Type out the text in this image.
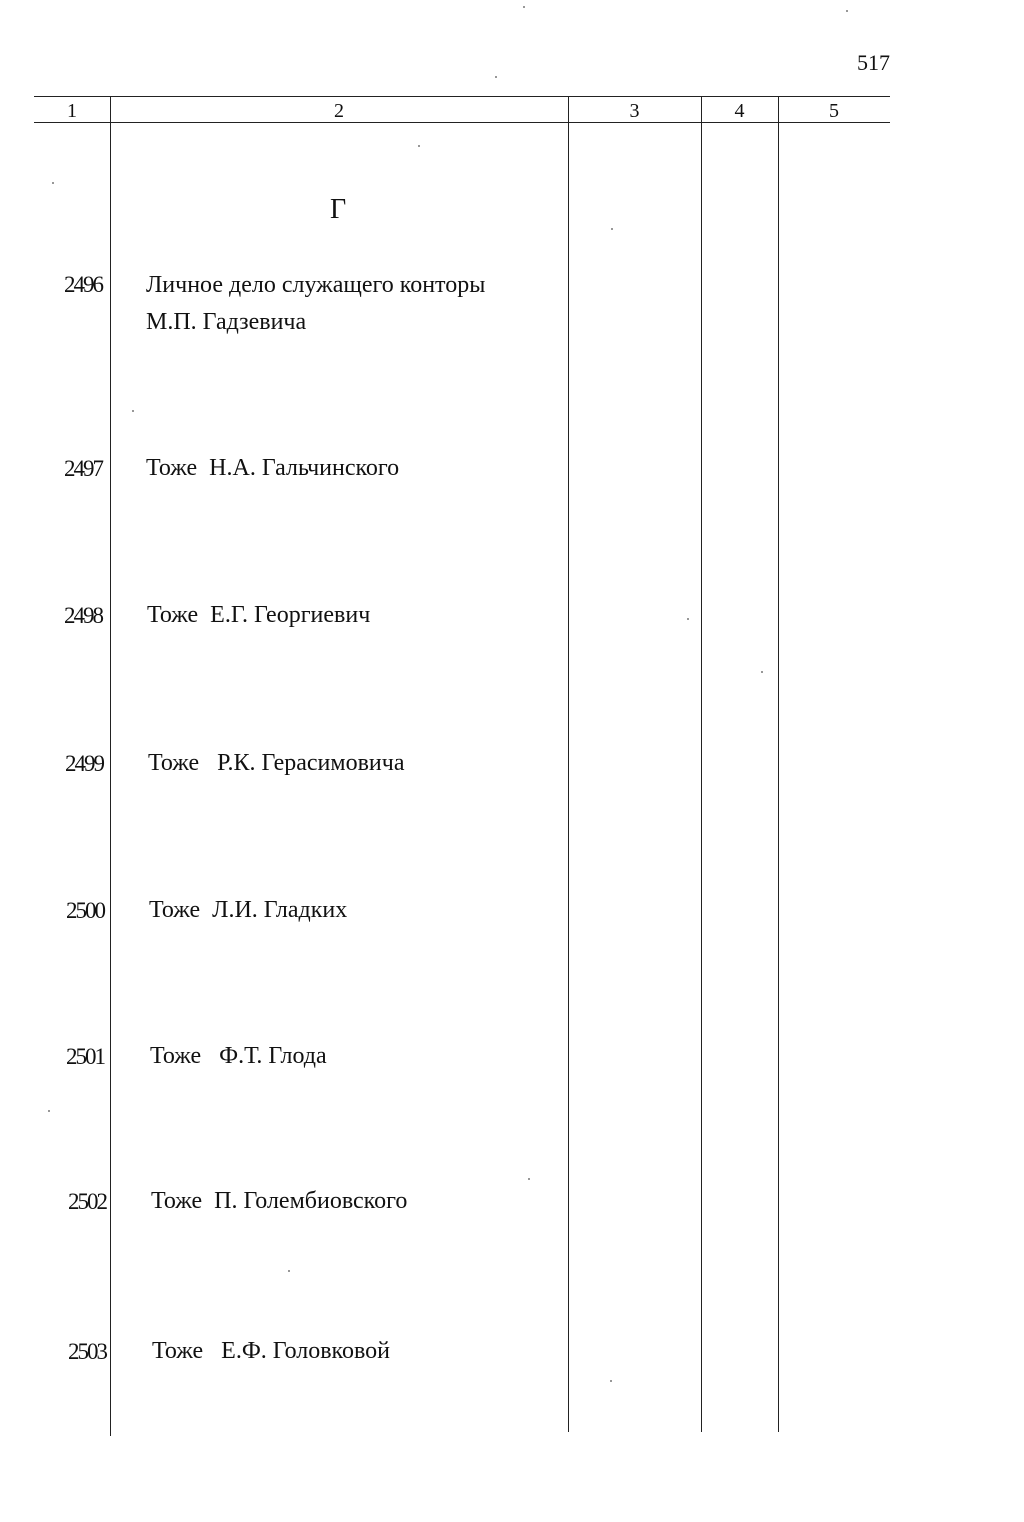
517
1	2	3	4	5
Г
2496 Личное дело служащего конторы
М.П. Гадзевича
2497 Тоже  Н.А. Гальчинского
2498 Тоже  Е.Г. Георгиевич
2499 Тоже   Р.К. Герасимовича
2500 Тоже  Л.И. Гладких
2501 Тоже   Ф.Т. Глода
2502 Тоже  П. Голембиовского
2503 Тоже   Е.Ф. Головковой
